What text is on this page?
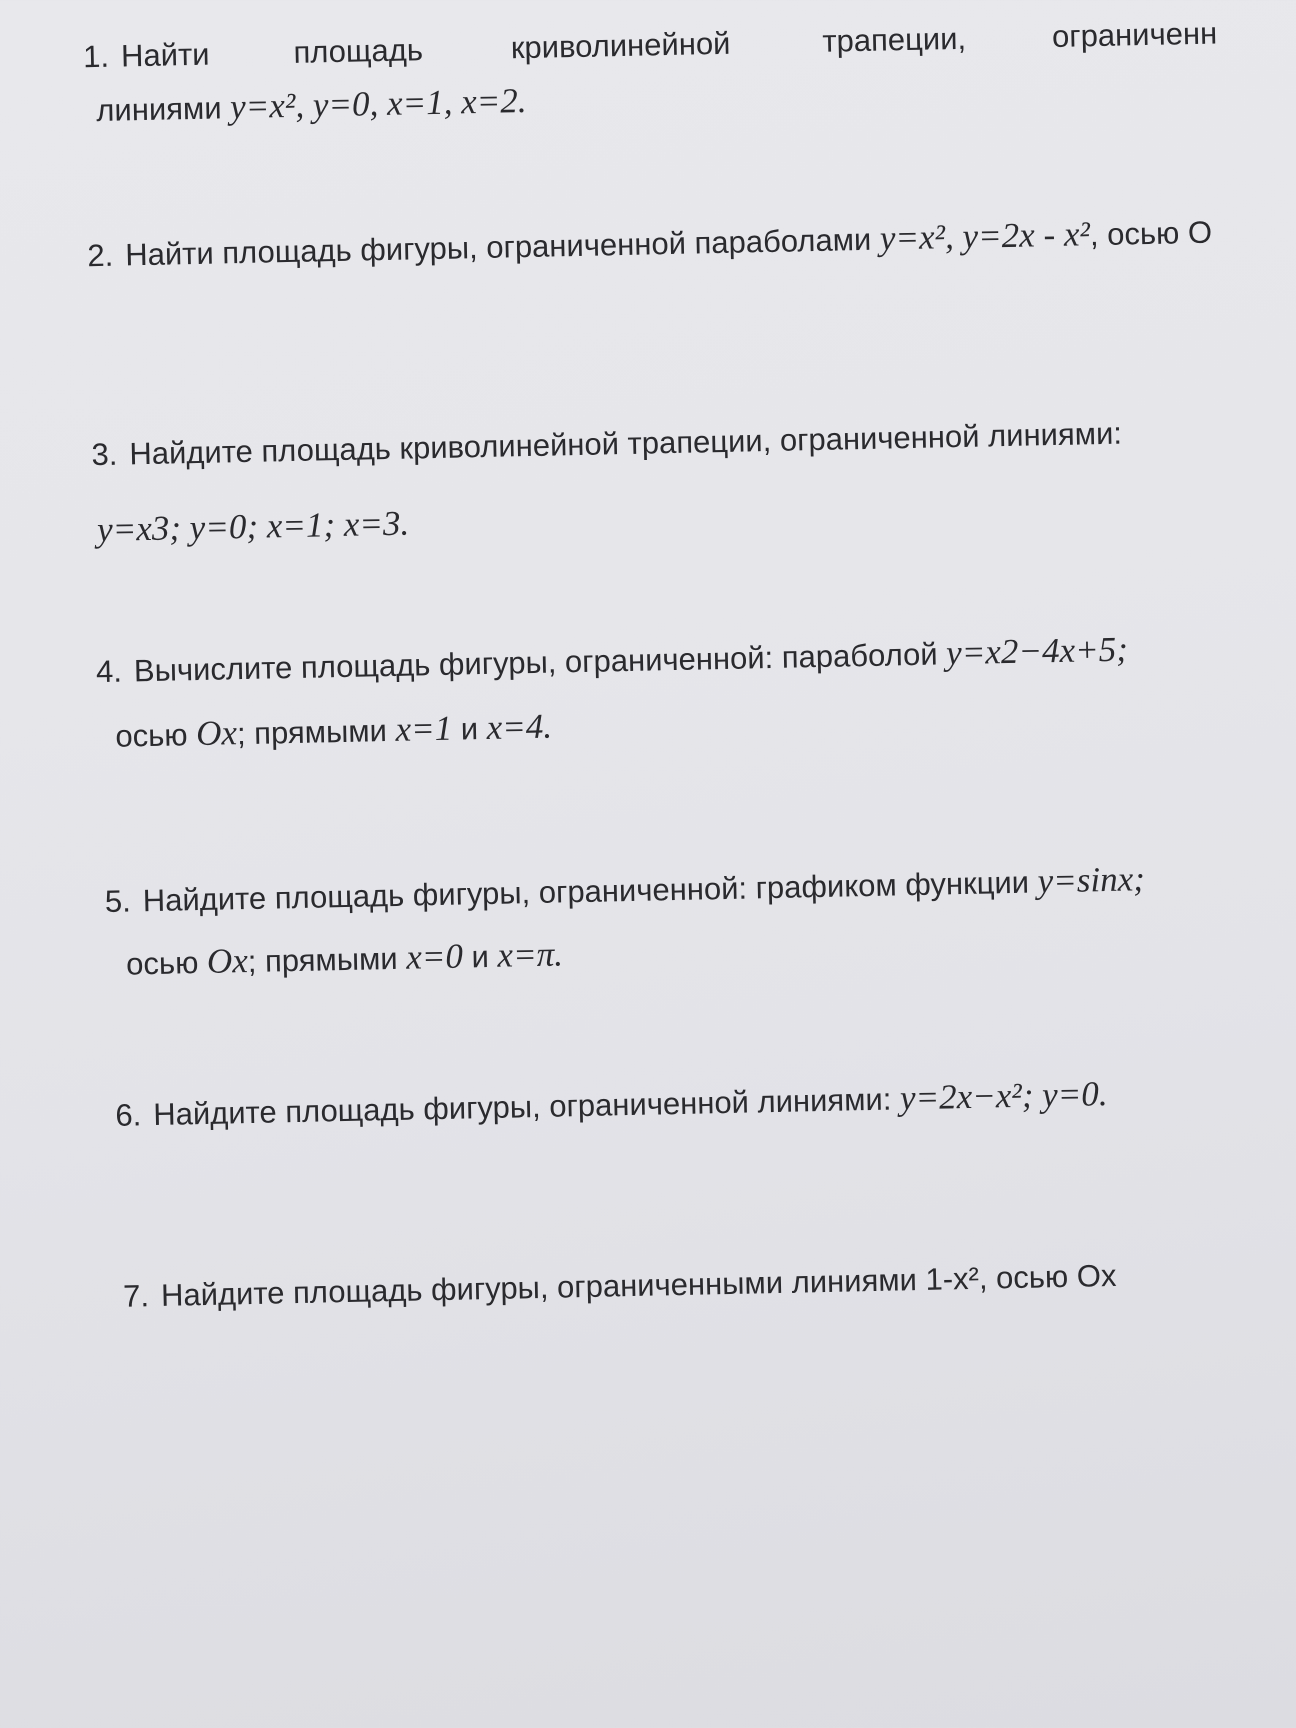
1. Найти	площадь	криволинейной	трапеции,	ограниченн
линиями y=x², y=0, x=1, x=2.
2. Найти площадь фигуры, ограниченной параболами y=x², y=2x - x², осью О
3. Найдите площадь криволинейной трапеции, ограниченной линиями:
y=x3; y=0; x=1; x=3.
4. Вычислите площадь фигуры, ограниченной: параболой y=x2−4x+5;
осью Ox; прямыми x=1 и x=4.
5. Найдите площадь фигуры, ограниченной: графиком функции y=sinx;
осью Ox; прямыми x=0 и x=π.
6. Найдите площадь фигуры, ограниченной линиями: y=2x−x²; y=0.
7. Найдите площадь фигуры, ограниченными линиями 1-x², осью Ox
